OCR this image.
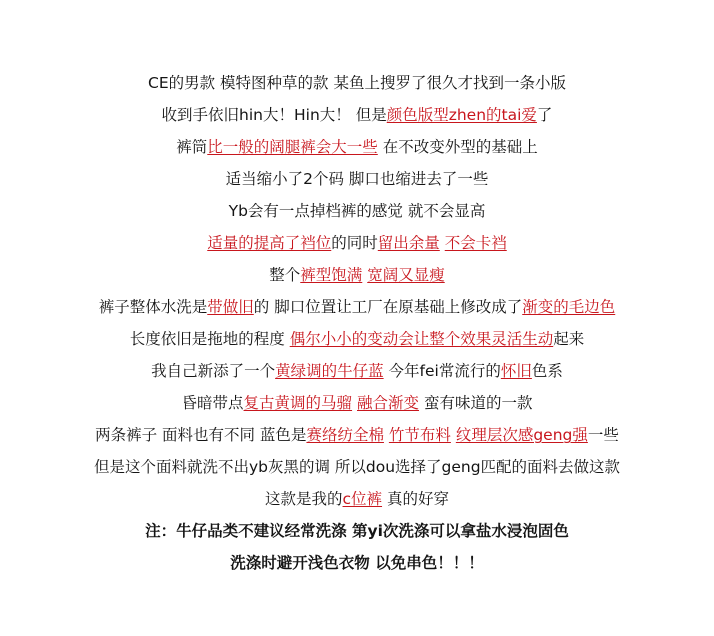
CE的男款 模特图种草的款 某鱼上搜罗了很久才找到一条小版
收到手依旧hin大！Hin大！ 但是颜色版型zhen的tai爱了
裤筒比一般的阔腿裤会大一些 在不改变外型的基础上
适当缩小了2个码 脚口也缩进去了一些
Yb会有一点掉档裤的感觉 就不会显高
适量的提高了裆位的同时留出余量 不会卡裆
整个裤型饱满 宽阔又显瘦
裤子整体水洗是带做旧的 脚口位置让工厂在原基础上修改成了渐变的毛边色
长度依旧是拖地的程度 偶尔小小的变动会让整个效果灵活生动起来
我自己新添了一个黄绿调的牛仔蓝 今年fei常流行的怀旧色系
昏暗带点复古黄调的马骝 融合渐变 蛮有味道的一款
两条裤子 面料也有不同 蓝色是赛络纺全棉 竹节布料 纹理层次感geng强一些
但是这个面料就洗不出yb灰黑的调 所以dou选择了geng匹配的面料去做这款
这款是我的c位裤 真的好穿
注：牛仔品类不建议经常洗涤 第yi次洗涤可以拿盐水浸泡固色
洗涤时避开浅色衣物 以免串色！！！
